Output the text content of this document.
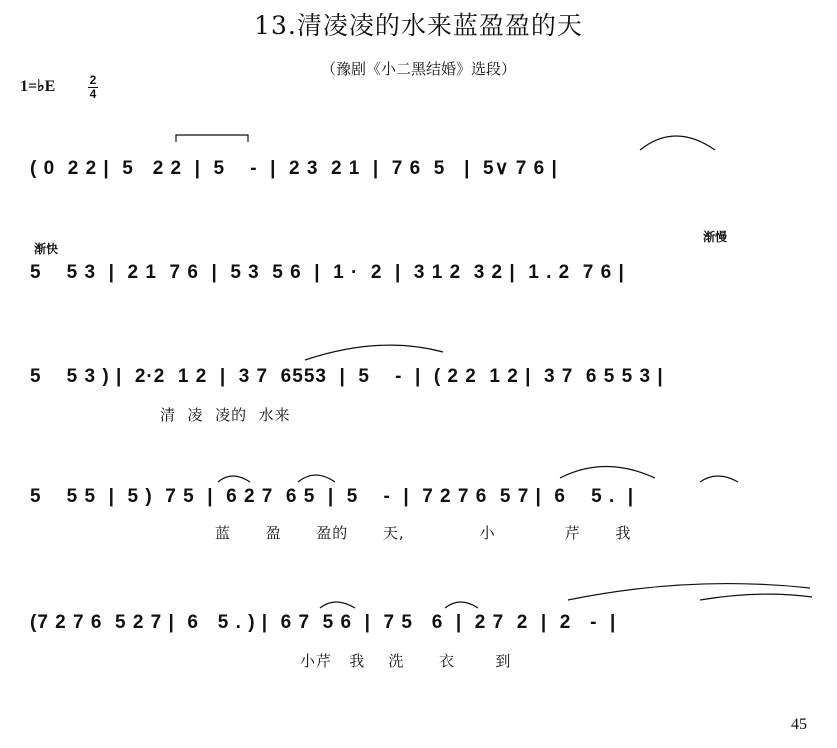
13.清凌凌的水来蓝盈盈的天
（豫剧《小二黑结婚》选段）
1=♭E	2
4
渐快
渐慢
( 0  2 2 |  5   2 2  |  5    -  |  2 3  2 1  |  7 6  5   |  5∨ 7 6 |
5    5 3  |  2 1  7 6  |  5 3  5 6  |  1 ·  2  |  3 1 2  3 2 |  1 . 2  7 6 |
5    5 3 ) |  2·2  1 2  |  3 7  6553  |  5    -  |  ( 2 2  1 2 |  3 7  6 5 5 3 |
清  凌  凌的  水来
5    5 5  |  5 )  7 5  |  6 2 7  6 5  |  5    -  |  7 2 7 6  5 7 |  6    5 .  |
蓝      盈      盈的      天,             小            芹      我
(7 2 7 6  5 2 7 |  6   5 . ) |  6 7  5 6  |  7 5   6  |  2 7  2  |  2   -  |
小芹   我    洗      衣       到
45
